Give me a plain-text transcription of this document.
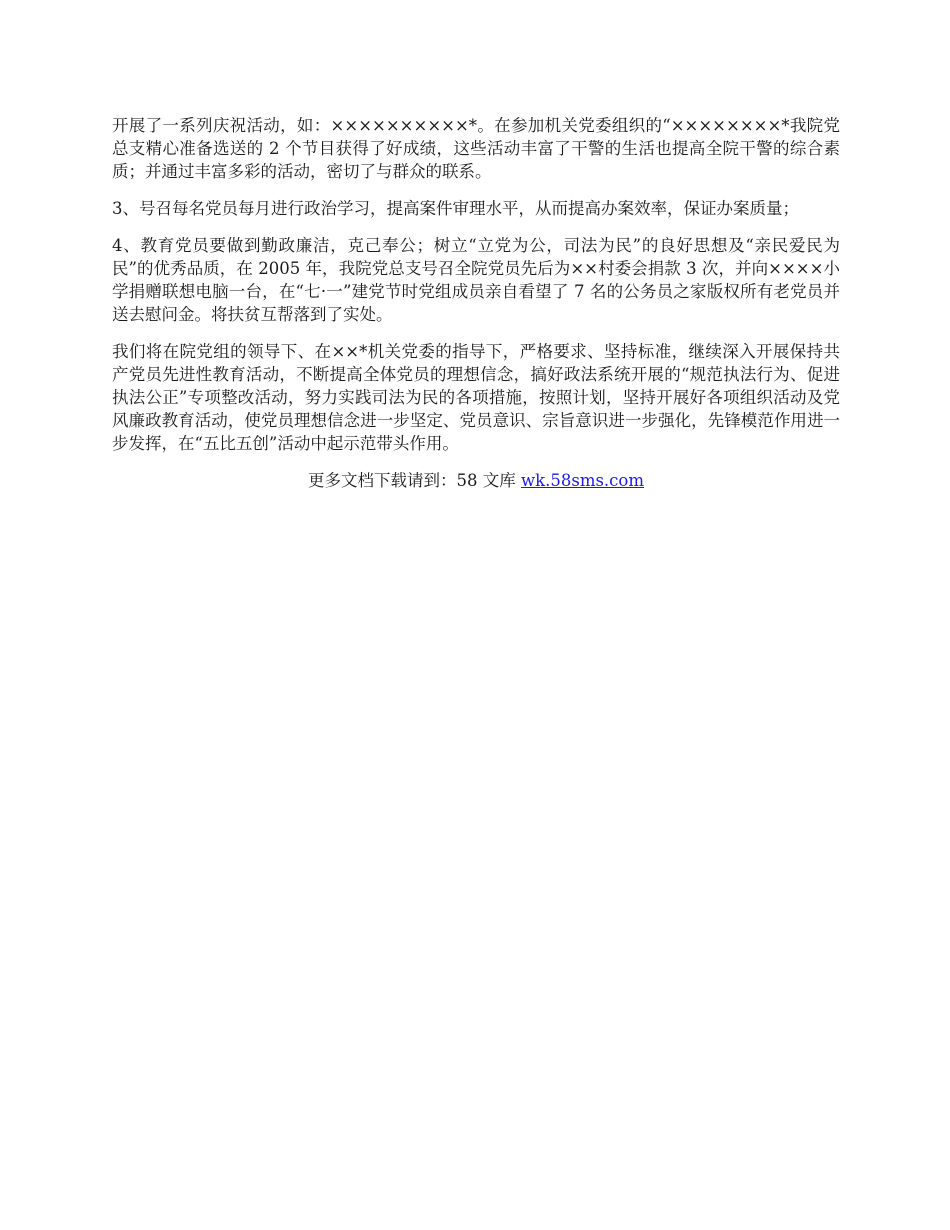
开展了一系列庆祝活动，如：××××××××××*。在参加机关党委组织的“××××××××*我院党总支精心准备选送的 2 个节目获得了好成绩，这些活动丰富了干警的生活也提高全院干警的综合素质；并通过丰富多彩的活动，密切了与群众的联系。

3、号召每名党员每月进行政治学习，提高案件审理水平，从而提高办案效率，保证办案质量；

4、教育党员要做到勤政廉洁，克己奉公；树立“立党为公，司法为民”的良好思想及“亲民爱民为民”的优秀品质，在 2005 年，我院党总支号召全院党员先后为××村委会捐款 3 次，并向××××小学捐赠联想电脑一台，在“七·一”建党节时党组成员亲自看望了 7 名的公务员之家版权所有老党员并送去慰问金。将扶贫互帮落到了实处。

我们将在院党组的领导下、在××*机关党委的指导下，严格要求、坚持标准，继续深入开展保持共产党员先进性教育活动，不断提高全体党员的理想信念，搞好政法系统开展的“规范执法行为、促进执法公正”专项整改活动，努力实践司法为民的各项措施，按照计划，坚持开展好各项组织活动及党风廉政教育活动，使党员理想信念进一步坚定、党员意识、宗旨意识进一步强化，先锋模范作用进一步发挥，在“五比五创”活动中起示范带头作用。

更多文档下载请到：58 文库 wk.58sms.com
